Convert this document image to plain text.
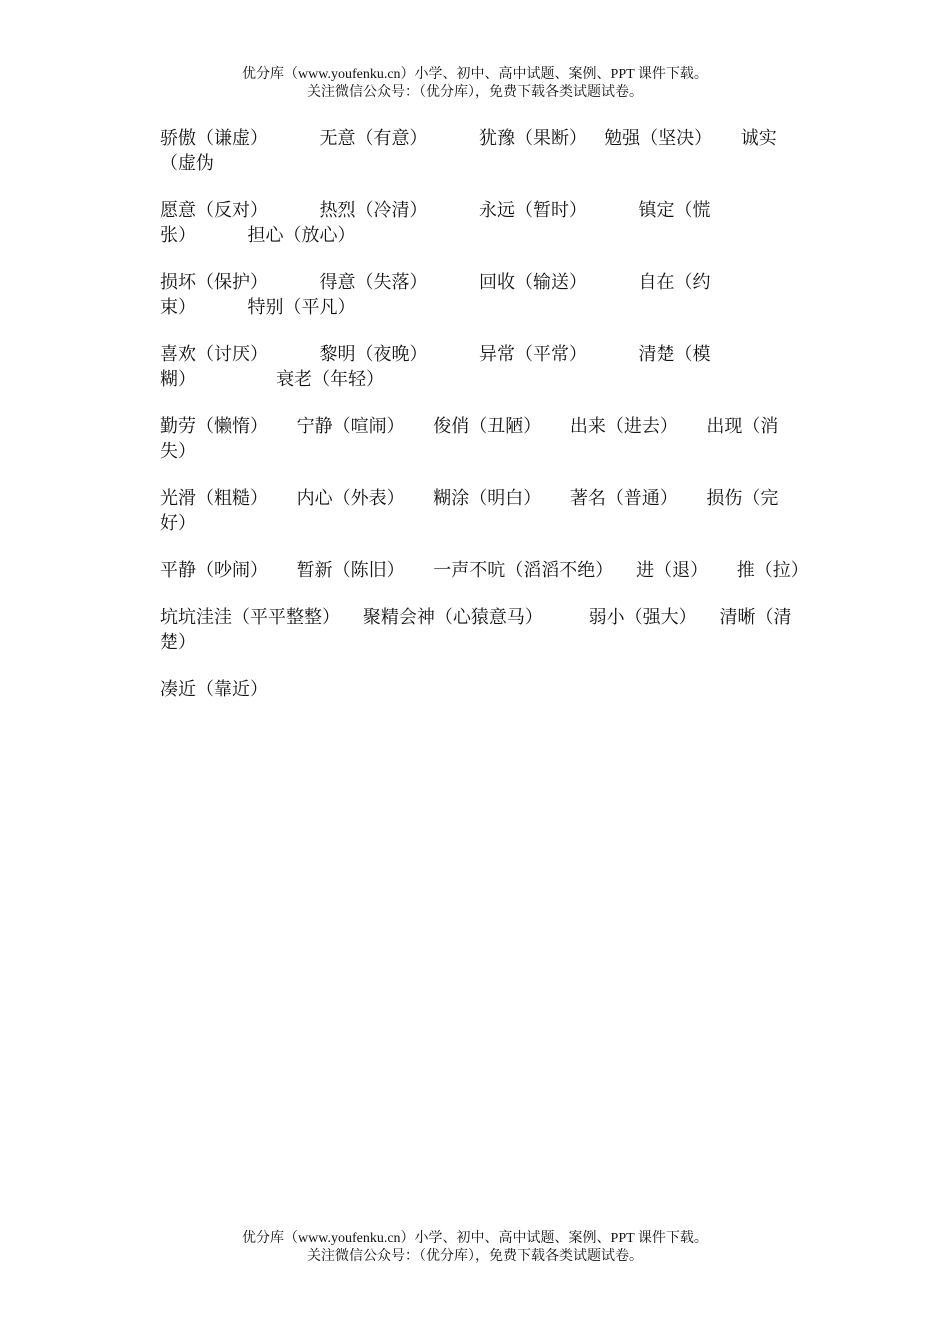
优分库（www.youfenku.cn）小学、初中、高中试题、案例、PPT 课件下载。
关注微信公众号：（优分库），免费下载各类试题试卷。

骄傲（谦虚）         无意（有意）         犹豫（果断）   勉强（坚决）     诚实（虚伪

愿意（反对）         热烈（冷清）         永远（暂时）         镇定（慌张）         担心（放心）

损坏（保护）         得意（失落）         回收（输送）         自在（约束）         特别（平凡）

喜欢（讨厌）         黎明（夜晚）         异常（平常）         清楚（模糊）              衰老（年轻）

勤劳（懒惰）     宁静（喧闹）     俊俏（丑陋）     出来（进去）     出现（消失）

光滑（粗糙）     内心（外表）     糊涂（明白）     著名（普通）     损伤（完好）

平静（吵闹）     暂新（陈旧）     一声不吭（滔滔不绝）    进（退）     推（拉）

坑坑洼洼（平平整整）    聚精会神（心猿意马）        弱小（强大）    清晰（清楚）

凑近（靠近）

优分库（www.youfenku.cn）小学、初中、高中试题、案例、PPT 课件下载。
关注微信公众号：（优分库），免费下载各类试题试卷。
